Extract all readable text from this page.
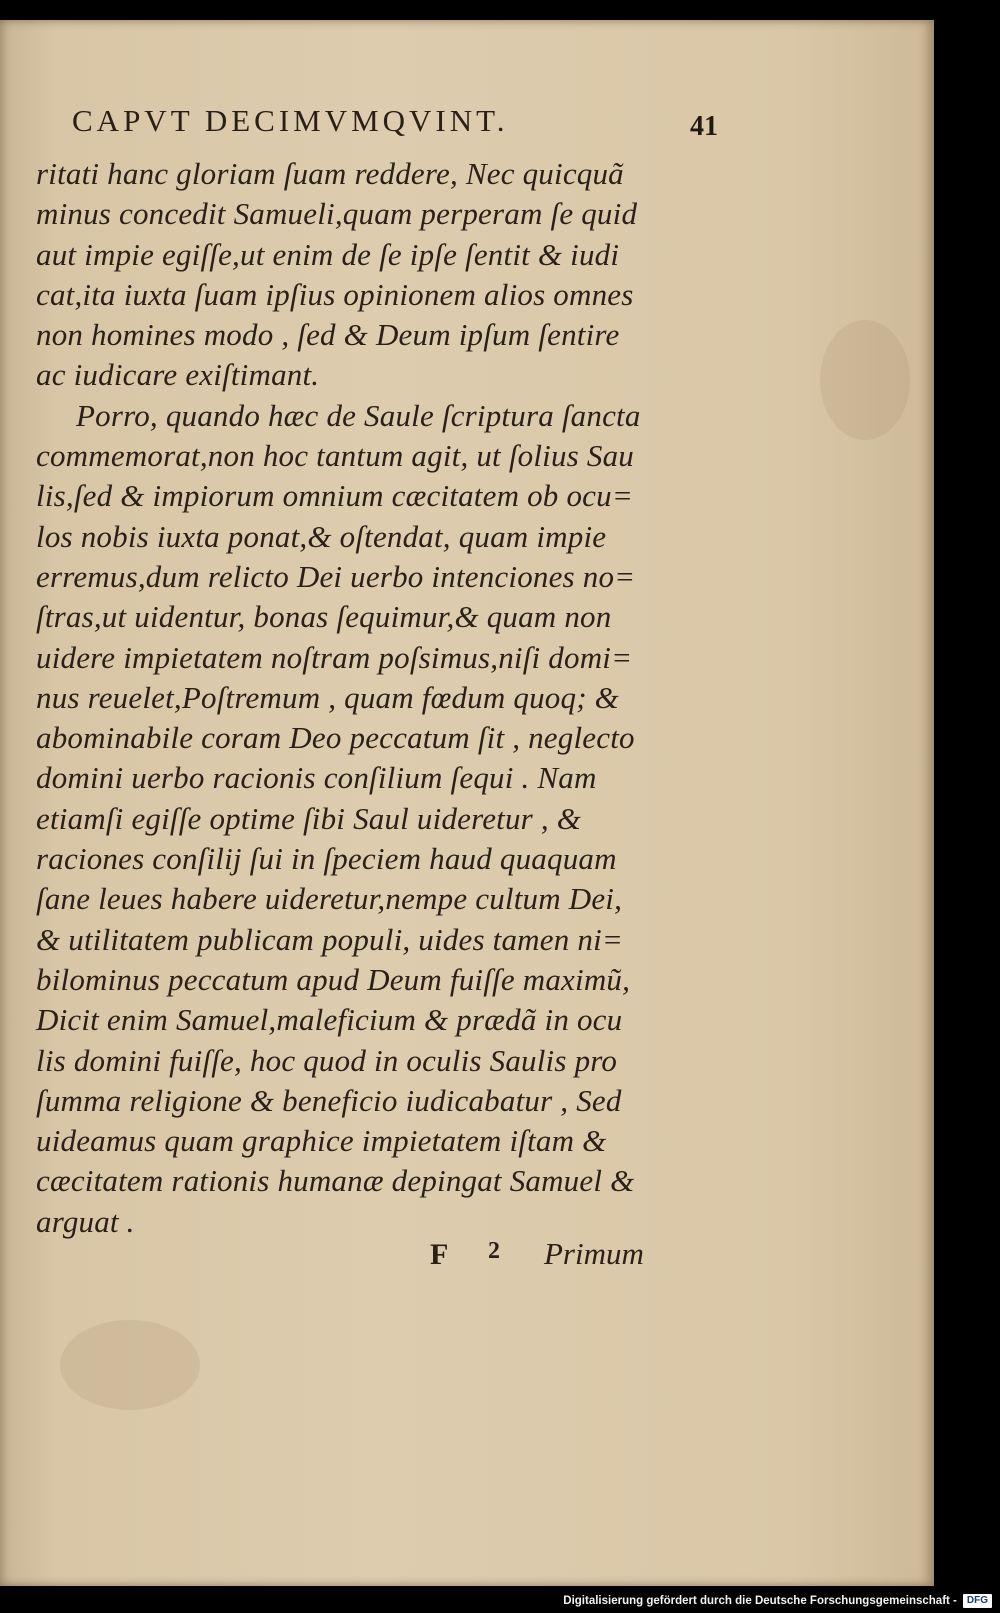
CAPVT DECIMVMQVINT.	41
ritati hanc gloriam ſuam reddere, Nec quicquã
minus concedit Samueli,quam perperam ſe quid
aut impie egiſſe,ut enim de ſe ipſe ſentit & iudi
cat,ita iuxta ſuam ipſius opinionem alios omnes
non homines modo , ſed & Deum ipſum ſentire
ac iudicare exiſtimant.
Porro, quando hæc de Saule ſcriptura ſancta
commemorat,non hoc tantum agit, ut ſolius Sau
lis,ſed & impiorum omnium cæcitatem ob ocu=
los nobis iuxta ponat,& oſtendat, quam impie
erremus,dum relicto Dei uerbo intenciones no=
ſtras,ut uidentur, bonas ſequimur,& quam non
uidere impietatem noſtram poſsimus,niſi domi=
nus reuelet,Poſtremum , quam fœdum quoq; &
abominabile coram Deo peccatum ſit , neglecto
domini uerbo racionis conſilium ſequi . Nam
etiamſi egiſſe optime ſibi Saul uideretur , &
raciones conſilij ſui in ſpeciem haud quaquam
ſane leues habere uideretur,nempe cultum Dei,
& utilitatem publicam populi, uides tamen ni=
bilominus peccatum apud Deum fuiſſe maximũ,
Dicit enim Samuel,maleficium & prædã in ocu
lis domini fuiſſe, hoc quod in oculis Saulis pro
ſumma religione & beneficio iudicabatur , Sed
uideamus quam graphice impietatem iſtam &
cæcitatem rationis humanæ depingat Samuel &
arguat .
F 2 Primum
Digitalisierung gefördert durch die Deutsche Forschungsgemeinschaft -	DFG
